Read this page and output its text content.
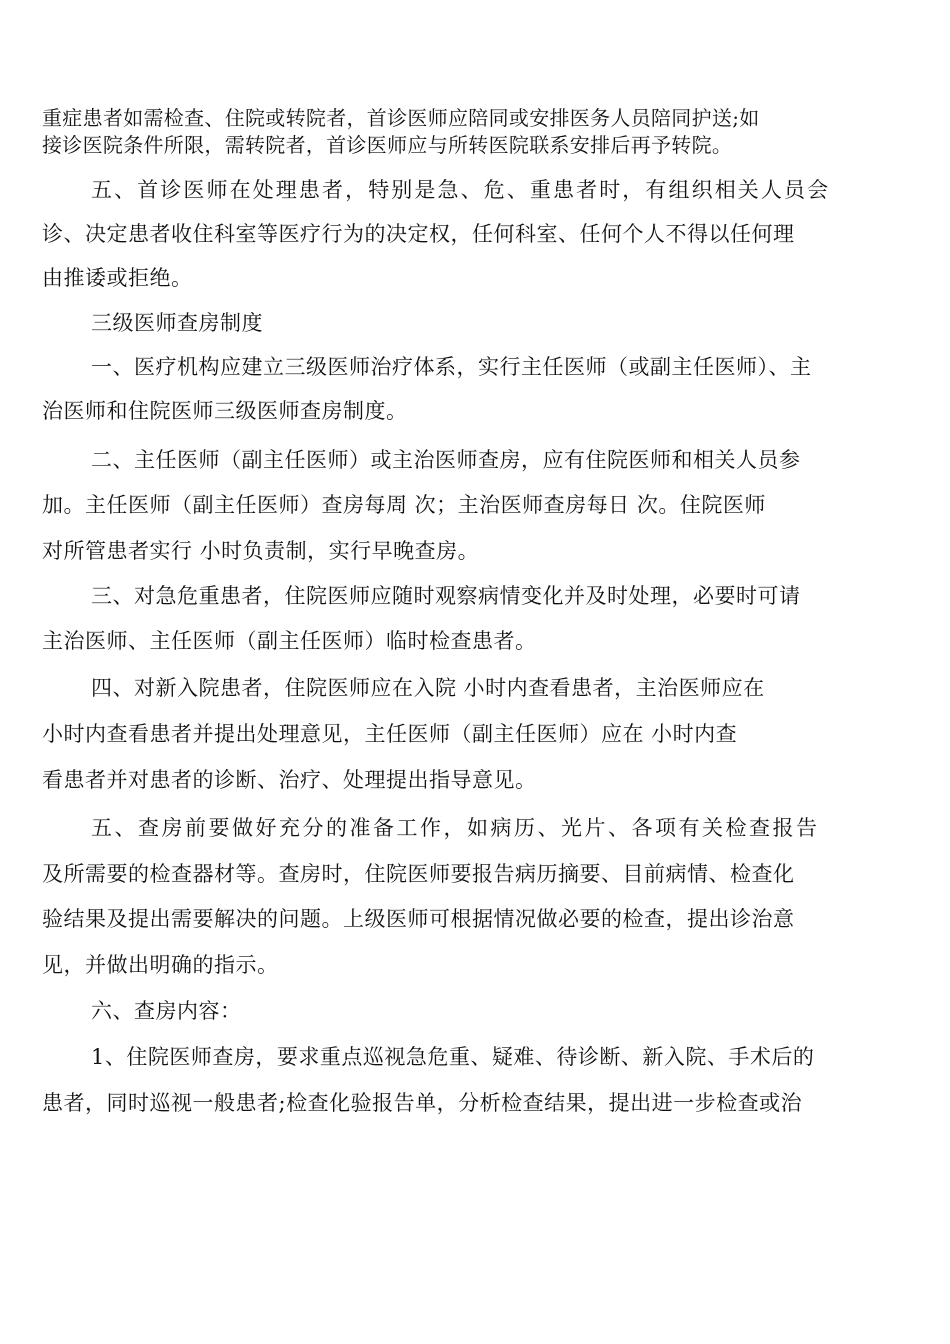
重症患者如需检查、住院或转院者，首诊医师应陪同或安排医务人员陪同护送;如
接诊医院条件所限，需转院者，首诊医师应与所转医院联系安排后再予转院。
五、首诊医师在处理患者，特别是急、危、重患者时，有组织相关人员会
诊、决定患者收住科室等医疗行为的决定权，任何科室、任何个人不得以任何理
由推诿或拒绝。
三级医师查房制度
一、医疗机构应建立三级医师治疗体系，实行主任医师（或副主任医师）、主
治医师和住院医师三级医师查房制度。
二、主任医师（副主任医师）或主治医师查房，应有住院医师和相关人员参
加。主任医师（副主任医师）查房每周 次；主治医师查房每日 次。住院医师
对所管患者实行 小时负责制，实行早晚查房。
三、对急危重患者，住院医师应随时观察病情变化并及时处理，必要时可请
主治医师、主任医师（副主任医师）临时检查患者。
四、对新入院患者，住院医师应在入院 小时内查看患者，主治医师应在
小时内查看患者并提出处理意见，主任医师（副主任医师）应在 小时内查
看患者并对患者的诊断、治疗、处理提出指导意见。
五、查房前要做好充分的准备工作，如病历、光片、各项有关检查报告
及所需要的检查器材等。查房时，住院医师要报告病历摘要、目前病情、检查化
验结果及提出需要解决的问题。上级医师可根据情况做必要的检查，提出诊治意
见，并做出明确的指示。
六、查房内容：
1、住院医师查房，要求重点巡视急危重、疑难、待诊断、新入院、手术后的
患者，同时巡视一般患者;检查化验报告单，分析检查结果，提出进一步检查或治
